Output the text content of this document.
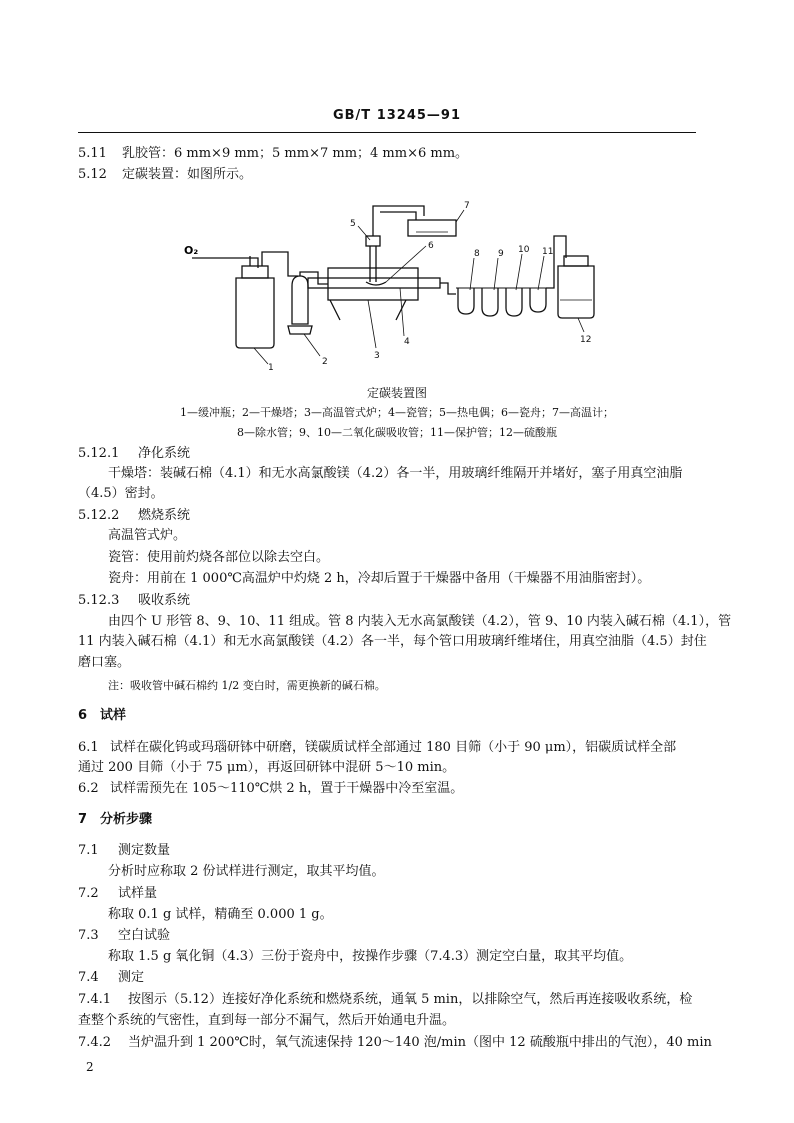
GB/T 13245—91
5.11 乳胶管：6 mm×9 mm；5 mm×7 mm；4 mm×6 mm。
5.12 定碳装置：如图所示。
O₂
1
2
3
4
5
6
7
8 9 10 11
12
定碳装置图
1—缓冲瓶；2—干燥塔；3—高温管式炉；4—瓷管；5—热电偶；6—瓷舟；7—高温计；
8—除水管；9、10—二氧化碳吸收管；11—保护管；12—硫酸瓶
5.12.1 净化系统
干燥塔：装碱石棉（4.1）和无水高氯酸镁（4.2）各一半，用玻璃纤维隔开并堵好，塞子用真空油脂
（4.5）密封。
5.12.2 燃烧系统
高温管式炉。
瓷管：使用前灼烧各部位以除去空白。
瓷舟：用前在 1 000℃高温炉中灼烧 2 h，冷却后置于干燥器中备用（干燥器不用油脂密封）。
5.12.3 吸收系统
由四个 U 形管 8、9、10、11 组成。管 8 内装入无水高氯酸镁（4.2），管 9、10 内装入碱石棉（4.1），管
11 内装入碱石棉（4.1）和无水高氯酸镁（4.2）各一半，每个管口用玻璃纤维堵住，用真空油脂（4.5）封住
磨口塞。
注：吸收管中碱石棉约 1/2 变白时，需更换新的碱石棉。
6 试样
6.1 试样在碳化钨或玛瑙研钵中研磨，镁碳质试样全部通过 180 目筛（小于 90 μm），铝碳质试样全部
通过 200 目筛（小于 75 μm），再返回研钵中混研 5～10 min。
6.2 试样需预先在 105～110℃烘 2 h，置于干燥器中冷至室温。
7 分析步骤
7.1 测定数量
分析时应称取 2 份试样进行测定，取其平均值。
7.2 试样量
称取 0.1 g 试样，精确至 0.000 1 g。
7.3 空白试验
称取 1.5 g 氧化铜（4.3）三份于瓷舟中，按操作步骤（7.4.3）测定空白量，取其平均值。
7.4 测定
7.4.1 按图示（5.12）连接好净化系统和燃烧系统，通氧 5 min，以排除空气，然后再连接吸收系统，检
查整个系统的气密性，直到每一部分不漏气，然后开始通电升温。
7.4.2 当炉温升到 1 200℃时，氧气流速保持 120～140 泡/min（图中 12 硫酸瓶中排出的气泡），40 min
2
